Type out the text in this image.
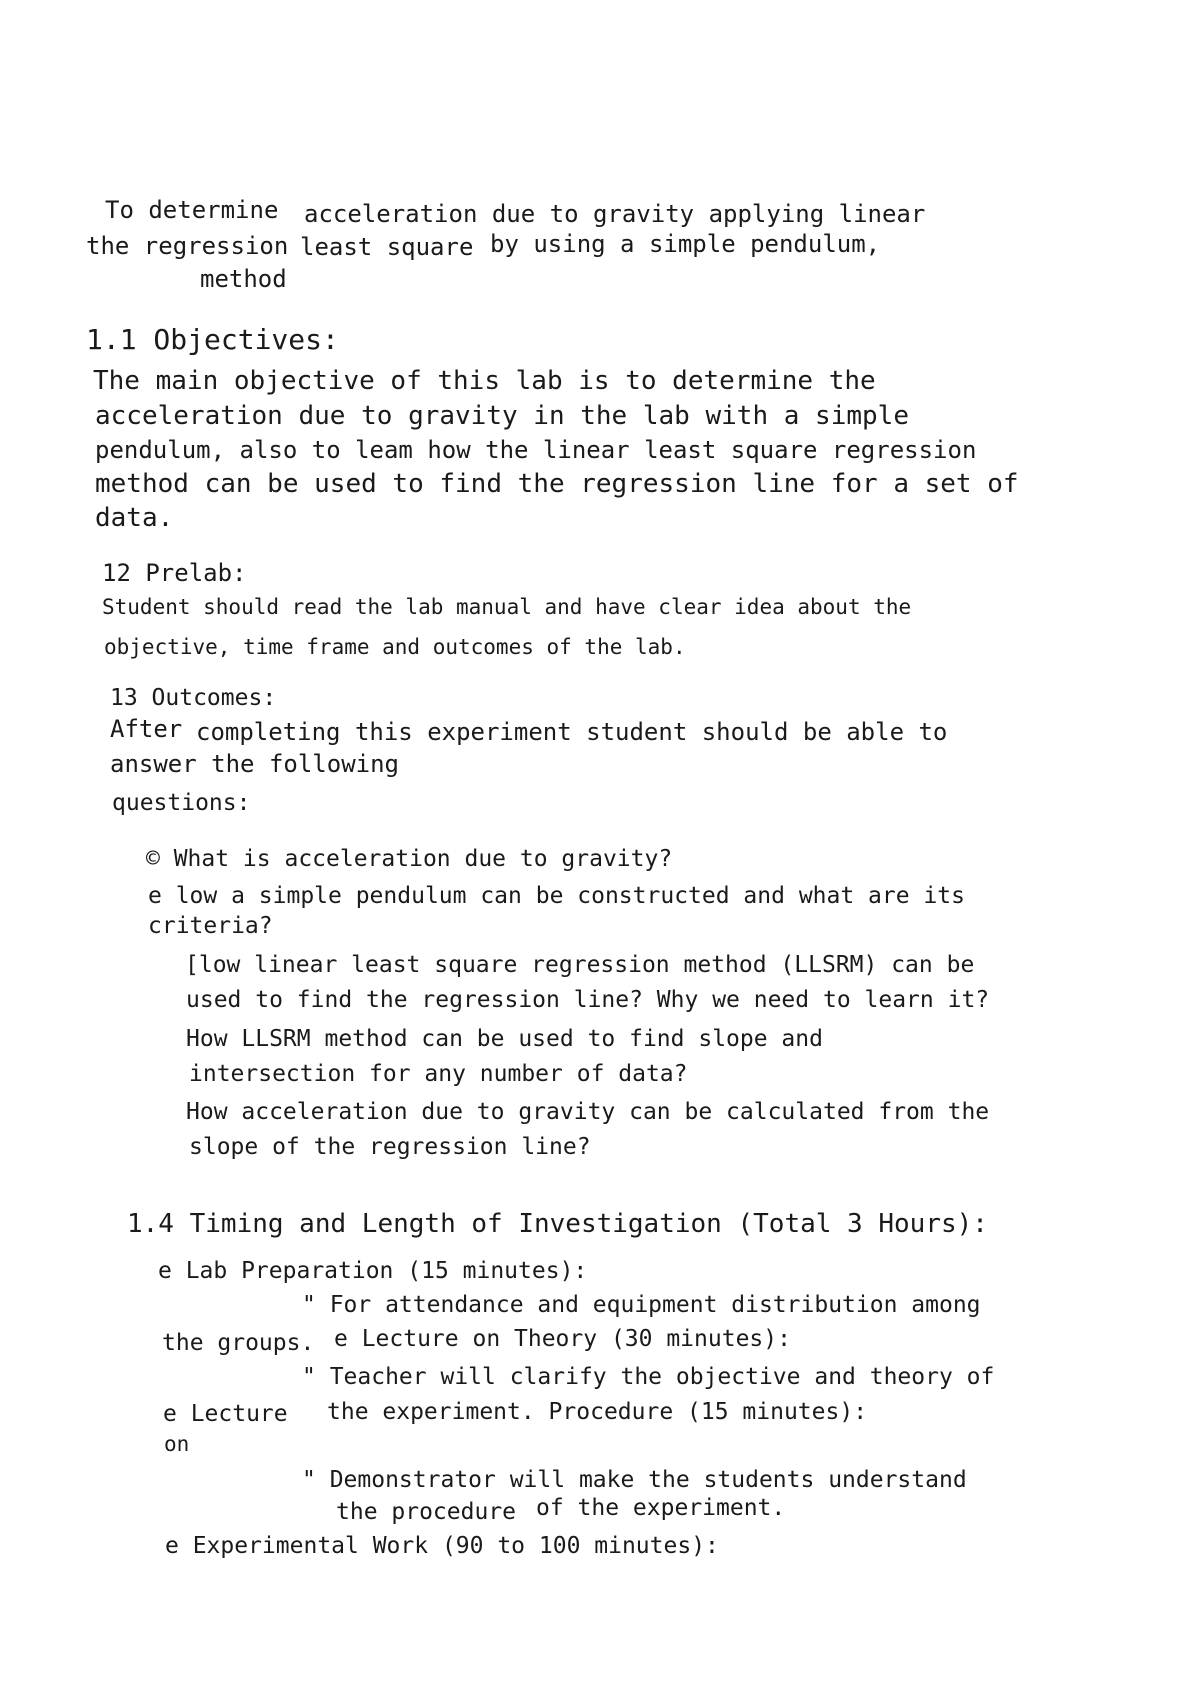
To determine acceleration due to gravity applying linear
the regression least square by using a simple pendulum,
method
1.1 Objectives:
The main objective of this lab is to determine the
acceleration due to gravity in the lab with a simple
pendulum, also to leam how the linear least square regression
method can be used to find the regression line for a set of
data.
12 Prelab:
Student should read the lab manual and have clear idea about the
objective, time frame and outcomes of the lab.
13 Outcomes:
After completing this experiment student should be able to
answer the following
questions:
© What is acceleration due to gravity?
e low a simple pendulum can be constructed and what are its
criteria?
[low linear least square regression method (LLSRM) can be
used to find the regression line? Why we need to learn it?
How LLSRM method can be used to find slope and
intersection for any number of data?
How acceleration due to gravity can be calculated from the
slope of the regression line?
1.4 Timing and Length of Investigation (Total 3 Hours):
e Lab Preparation (15 minutes):
" For attendance and equipment distribution among
the groups. e Lecture on Theory (30 minutes):
" Teacher will clarify the objective and theory of
e Lecture the experiment. Procedure (15 minutes):
on
" Demonstrator will make the students understand
the procedure of the experiment.
e Experimental Work (90 to 100 minutes):
